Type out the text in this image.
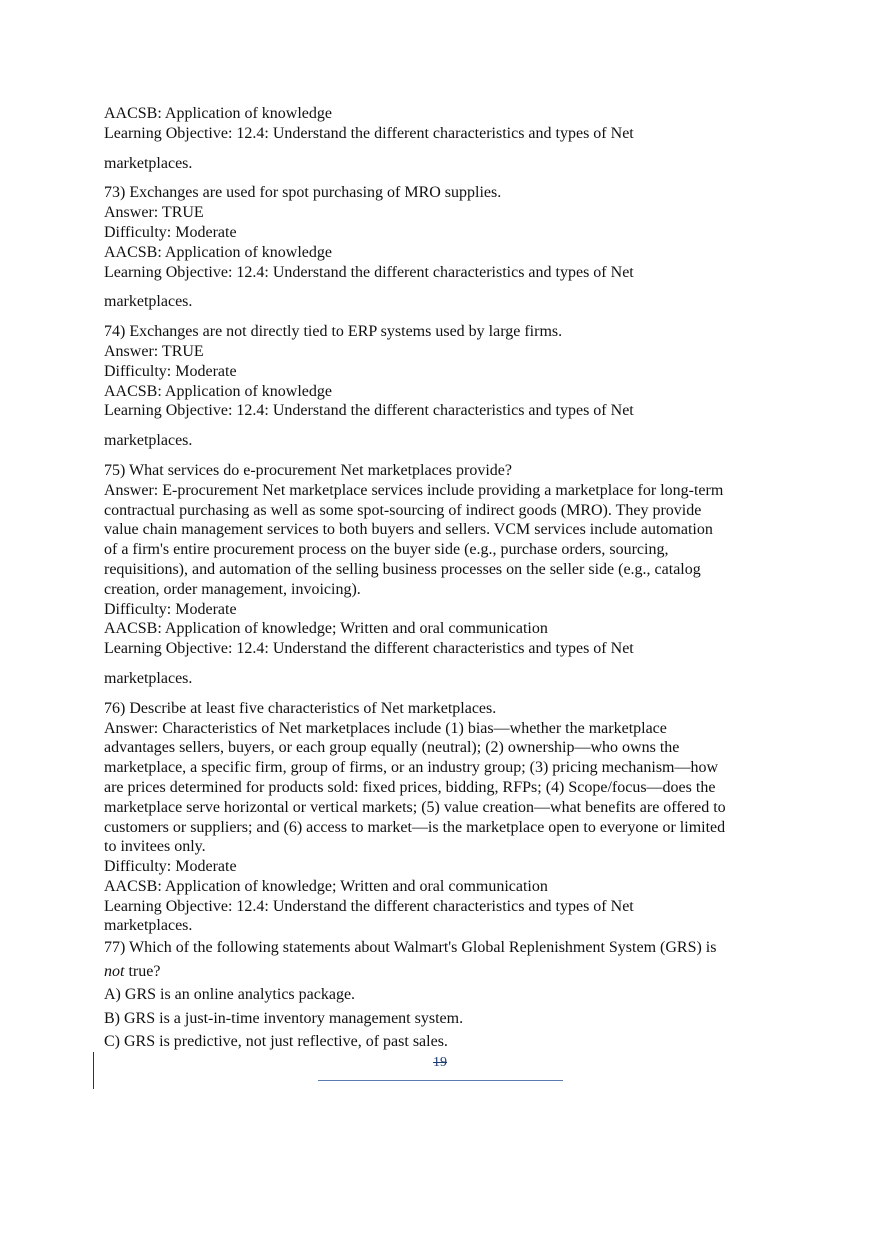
AACSB: Application of knowledge

Learning Objective: 12.4: Understand the different characteristics and types of Net

marketplaces.

73) Exchanges are used for spot purchasing of MRO supplies.

Answer: TRUE

Difficulty: Moderate

AACSB: Application of knowledge

Learning Objective: 12.4: Understand the different characteristics and types of Net

marketplaces.

74) Exchanges are not directly tied to ERP systems used by large firms.

Answer: TRUE

Difficulty: Moderate

AACSB: Application of knowledge

Learning Objective: 12.4: Understand the different characteristics and types of Net

marketplaces.

75) What services do e-procurement Net marketplaces provide?

Answer: E-procurement Net marketplace services include providing a marketplace for long-term

contractual purchasing as well as some spot-sourcing of indirect goods (MRO). They provide

value chain management services to both buyers and sellers. VCM services include automation

of a firm's entire procurement process on the buyer side (e.g., purchase orders, sourcing,

requisitions), and automation of the selling business processes on the seller side (e.g., catalog

creation, order management, invoicing).

Difficulty: Moderate

AACSB: Application of knowledge; Written and oral communication

Learning Objective: 12.4: Understand the different characteristics and types of Net

marketplaces.

76) Describe at least five characteristics of Net marketplaces.

Answer: Characteristics of Net marketplaces include (1) bias—whether the marketplace

advantages sellers, buyers, or each group equally (neutral); (2) ownership—who owns the

marketplace, a specific firm, group of firms, or an industry group; (3) pricing mechanism—how

are prices determined for products sold: fixed prices, bidding, RFPs; (4) Scope/focus—does the

marketplace serve horizontal or vertical markets; (5) value creation—what benefits are offered to

customers or suppliers; and (6) access to market—is the marketplace open to everyone or limited

to invitees only.

Difficulty: Moderate

AACSB: Application of knowledge; Written and oral communication

Learning Objective: 12.4: Understand the different characteristics and types of Net

marketplaces.

77) Which of the following statements about Walmart's Global Replenishment System (GRS) is
not true?

A) GRS is an online analytics package.

B) GRS is a just-in-time inventory management system.

C) GRS is predictive, not just reflective, of past sales.

19
